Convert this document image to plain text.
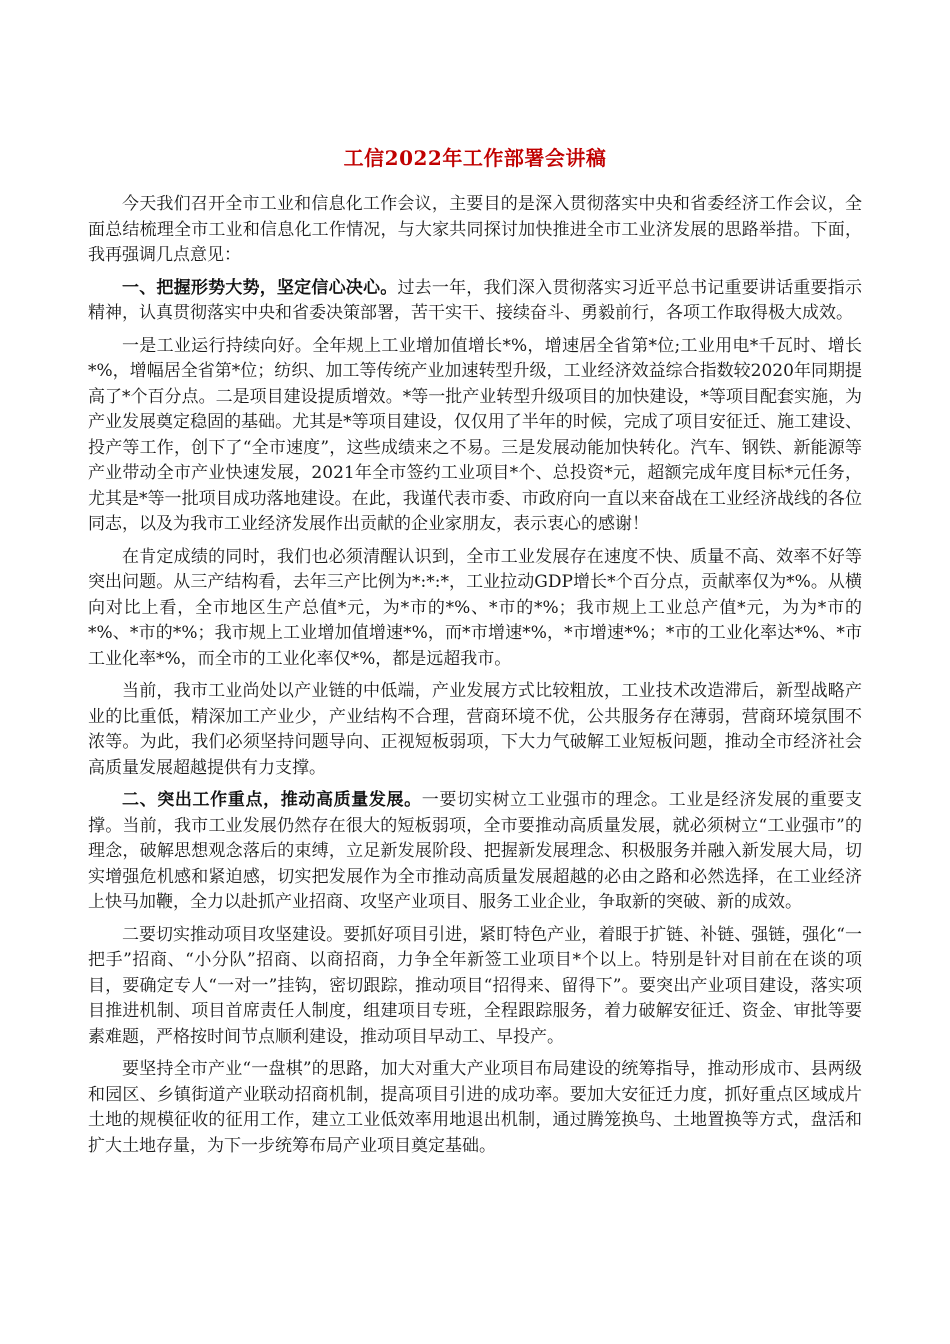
工信2022年工作部署会讲稿

今天我们召开全市工业和信息化工作会议，主要目的是深入贯彻落实中央和省委经济工作会议，全面总结梳理全市工业和信息化工作情况，与大家共同探讨加快推进全市工业济发展的思路举措。下面，我再强调几点意见：

一、把握形势大势，坚定信心决心。过去一年，我们深入贯彻落实习近平总书记重要讲话重要指示精神，认真贯彻落实中央和省委决策部署，苦干实干、接续奋斗、勇毅前行，各项工作取得极大成效。

一是工业运行持续向好。全年规上工业增加值增长*%，增速居全省第*位;工业用电*千瓦时、增长*%，增幅居全省第*位；纺织、加工等传统产业加速转型升级，工业经济效益综合指数较2020年同期提高了*个百分点。二是项目建设提质增效。*等一批产业转型升级项目的加快建设，*等项目配套实施，为产业发展奠定稳固的基础。尤其是*等项目建设，仅仅用了半年的时候，完成了项目安征迁、施工建设、投产等工作，创下了“全市速度”，这些成绩来之不易。三是发展动能加快转化。汽车、钢铁、新能源等产业带动全市产业快速发展，2021年全市签约工业项目*个、总投资*元，超额完成年度目标*元任务，尤其是*等一批项目成功落地建设。在此，我谨代表市委、市政府向一直以来奋战在工业经济战线的各位同志，以及为我市工业经济发展作出贡献的企业家朋友，表示衷心的感谢！

在肯定成绩的同时，我们也必须清醒认识到，全市工业发展存在速度不快、质量不高、效率不好等突出问题。从三产结构看，去年三产比例为*:*:*，工业拉动GDP增长*个百分点，贡献率仅为*%。从横向对比上看，全市地区生产总值*元，为*市的*%、*市的*%；我市规上工业总产值*元，为为*市的*%、*市的*%；我市规上工业增加值增速*%，而*市增速*%，*市增速*%；*市的工业化率达*%、*市工业化率*%，而全市的工业化率仅*%，都是远超我市。

当前，我市工业尚处以产业链的中低端，产业发展方式比较粗放，工业技术改造滞后，新型战略产业的比重低，精深加工产业少，产业结构不合理，营商环境不优，公共服务存在薄弱，营商环境氛围不浓等。为此，我们必须坚持问题导向、正视短板弱项，下大力气破解工业短板问题，推动全市经济社会高质量发展超越提供有力支撑。

二、突出工作重点，推动高质量发展。一要切实树立工业强市的理念。工业是经济发展的重要支撑。当前，我市工业发展仍然存在很大的短板弱项，全市要推动高质量发展，就必须树立“工业强市”的理念，破解思想观念落后的束缚，立足新发展阶段、把握新发展理念、积极服务并融入新发展大局，切实增强危机感和紧迫感，切实把发展作为全市推动高质量发展超越的必由之路和必然选择，在工业经济上快马加鞭，全力以赴抓产业招商、攻坚产业项目、服务工业企业，争取新的突破、新的成效。

二要切实推动项目攻坚建设。要抓好项目引进，紧盯特色产业，着眼于扩链、补链、强链，强化“一把手”招商、“小分队”招商、以商招商，力争全年新签工业项目*个以上。特别是针对目前在在谈的项目，要确定专人“一对一”挂钩，密切跟踪，推动项目“招得来、留得下”。要突出产业项目建设，落实项目推进机制、项目首席责任人制度，组建项目专班，全程跟踪服务，着力破解安征迁、资金、审批等要素难题，严格按时间节点顺利建设，推动项目早动工、早投产。

要坚持全市产业“一盘棋”的思路，加大对重大产业项目布局建设的统筹指导，推动形成市、县两级和园区、乡镇街道产业联动招商机制，提高项目引进的成功率。要加大安征迁力度，抓好重点区域成片土地的规模征收的征用工作，建立工业低效率用地退出机制，通过腾笼换鸟、土地置换等方式，盘活和扩大土地存量，为下一步统筹布局产业项目奠定基础。
